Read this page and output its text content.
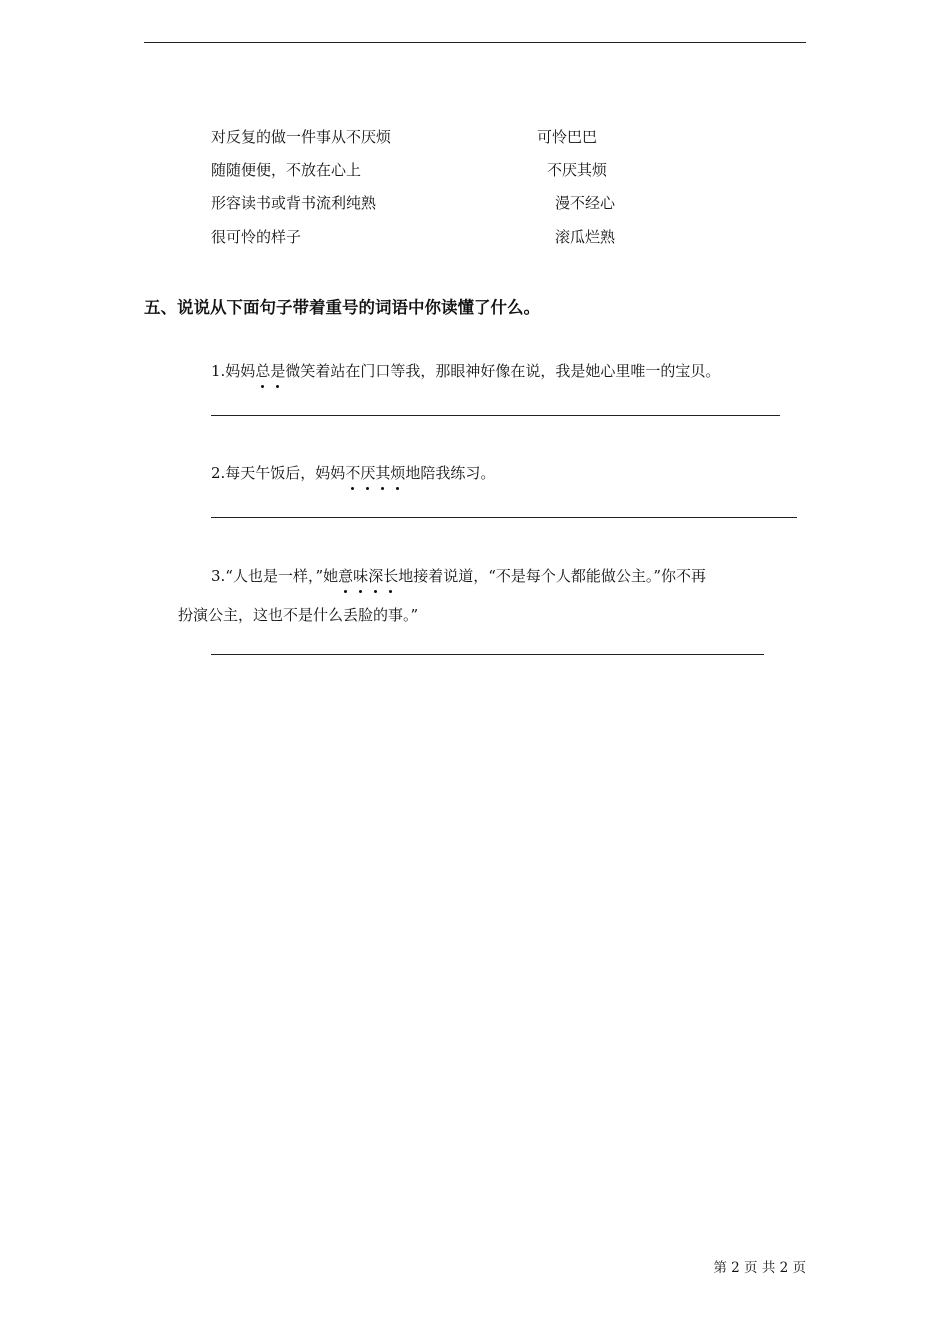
对反复的做一件事从不厌烦	可怜巴巴
随随便便，不放在心上	不厌其烦
形容读书或背书流利纯熟	漫不经心
很可怜的样子	滚瓜烂熟
五、说说从下面句子带着重号的词语中你读懂了什么。
1.妈妈总是微笑着站在门口等我，那眼神好像在说，我是她心里唯一的宝贝。
2.每天午饭后，妈妈不厌其烦地陪我练习。
3.“人也是一样，”她意味深长地接着说道，“不是每个人都能做公主。”你不再
扮演公主，这也不是什么丢脸的事。”
第 2 页 共 2 页
